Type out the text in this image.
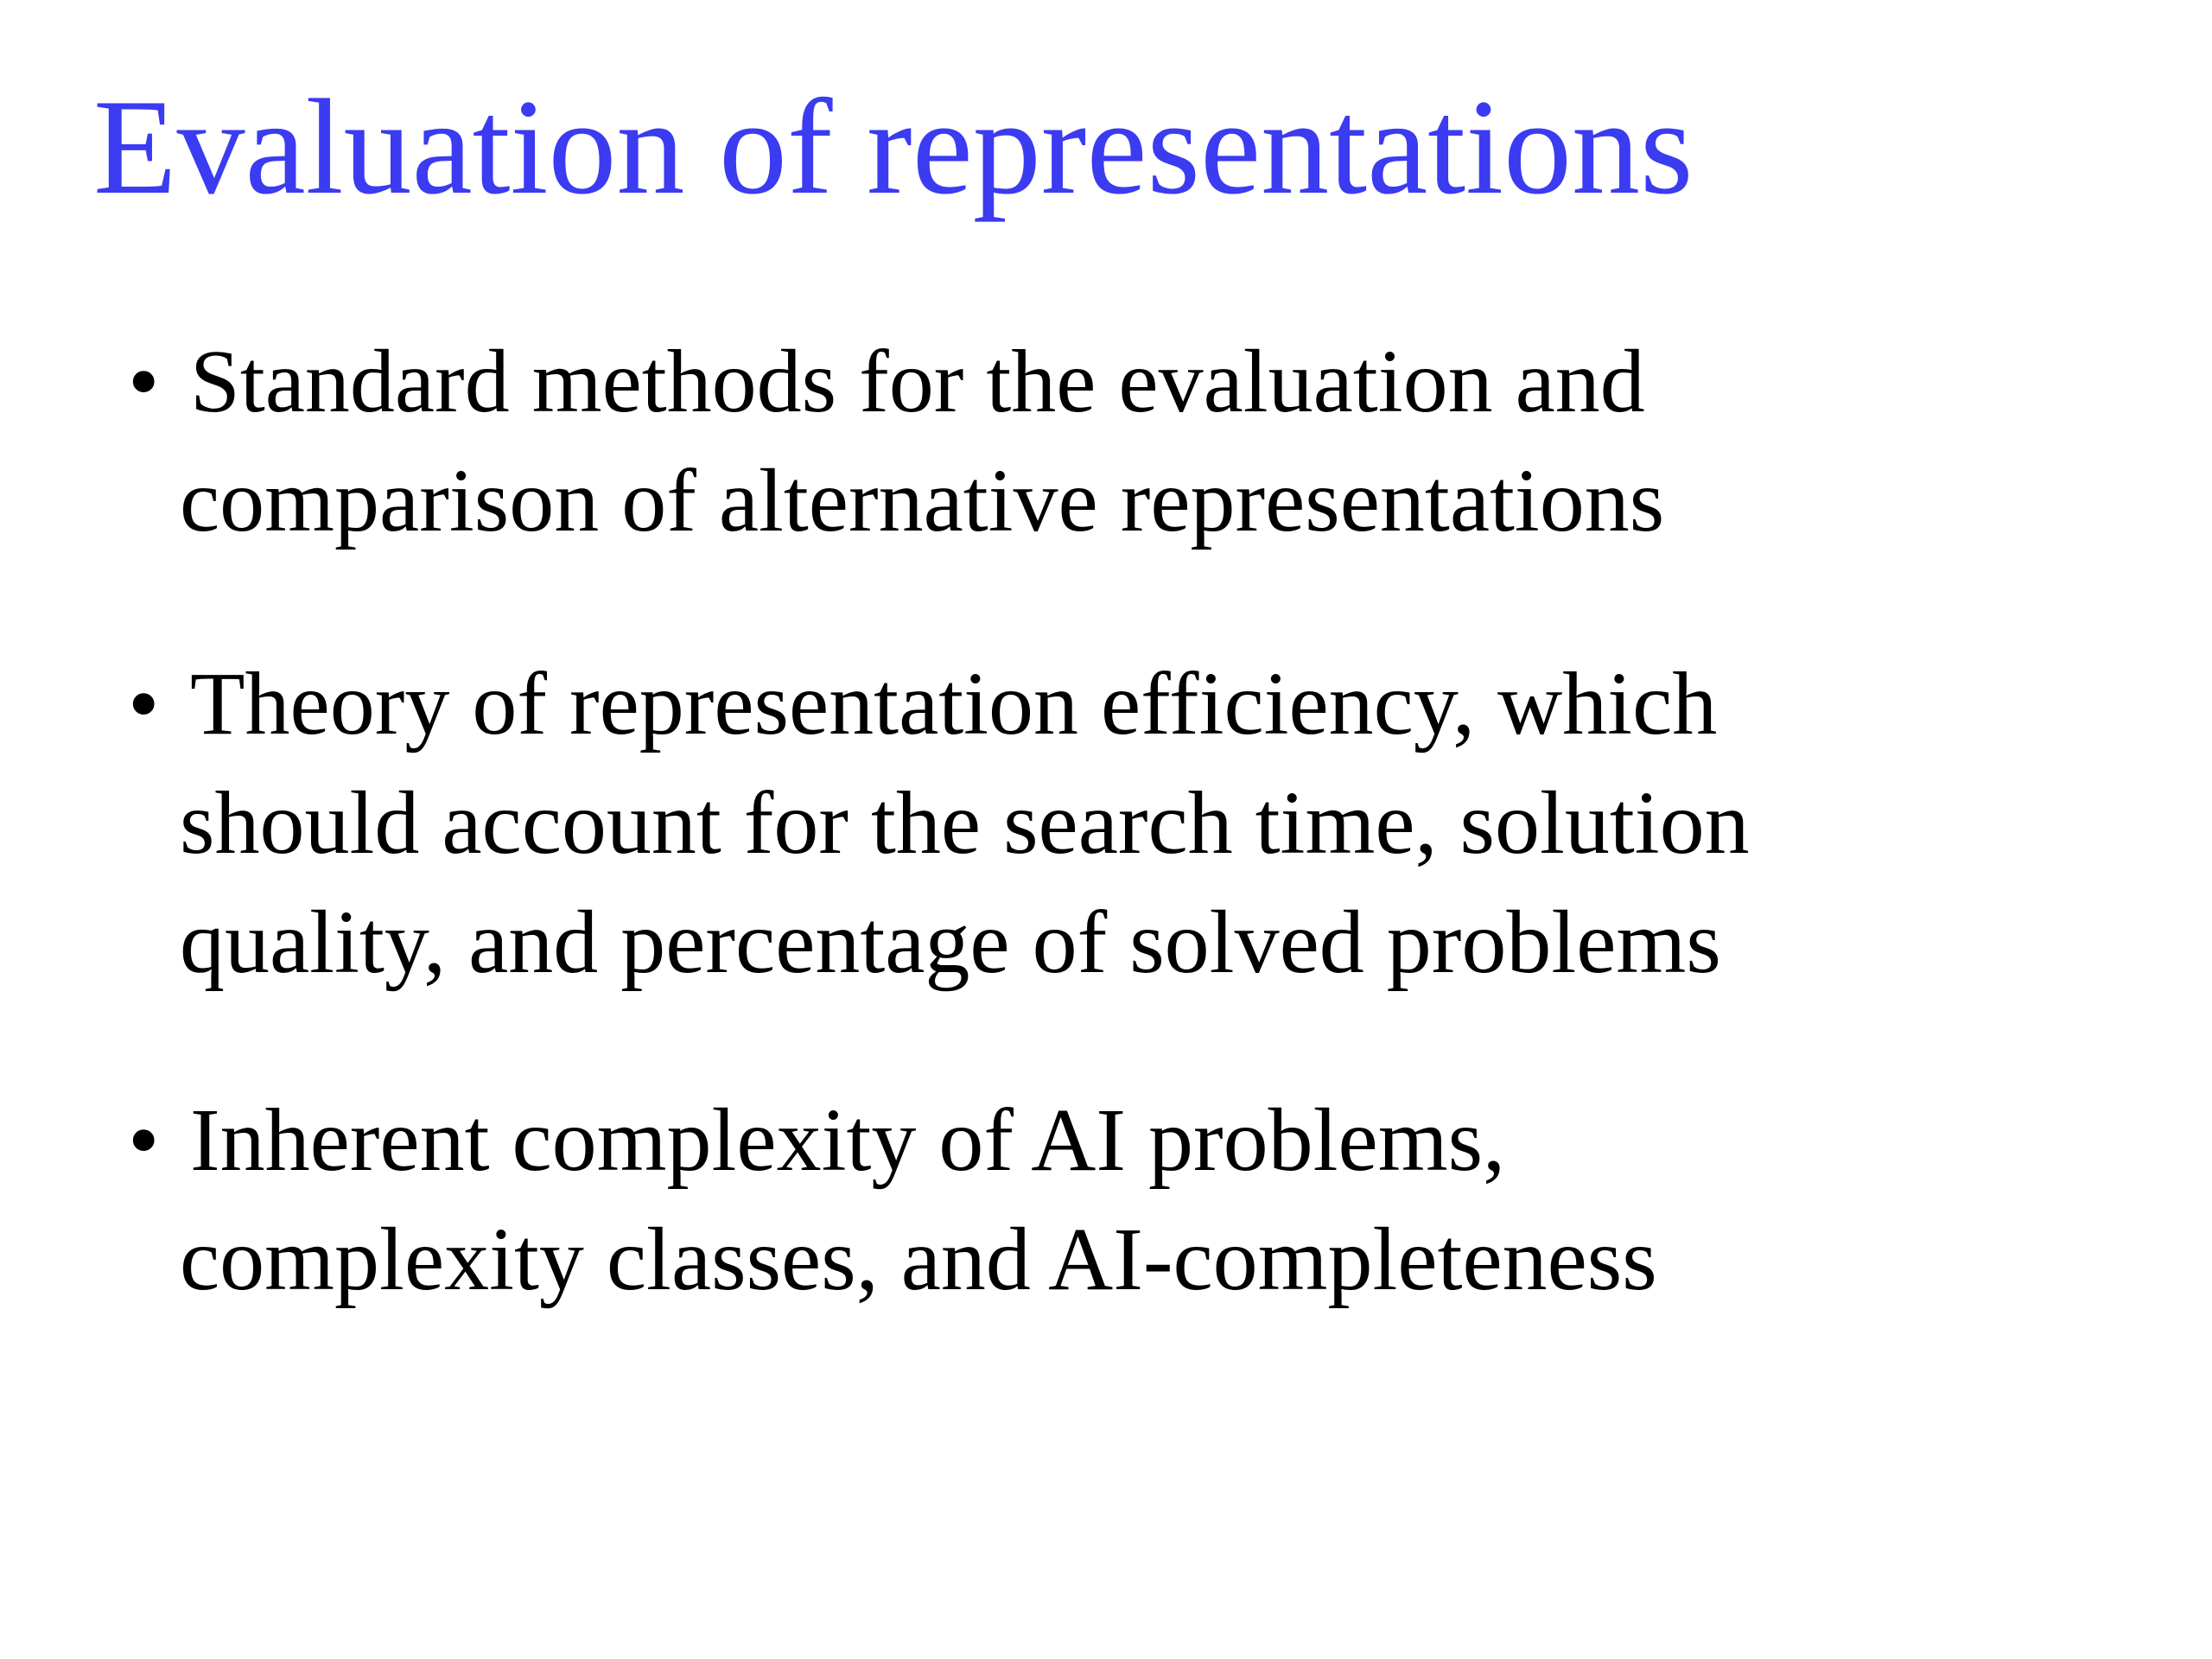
Evaluation of representations
• Standard methods for the evaluation and
comparison of alternative representations
• Theory of representation efficiency, which
should account for the search time, solution
quality, and percentage of solved problems
• Inherent complexity of AI problems,
complexity classes, and AI-completeness
